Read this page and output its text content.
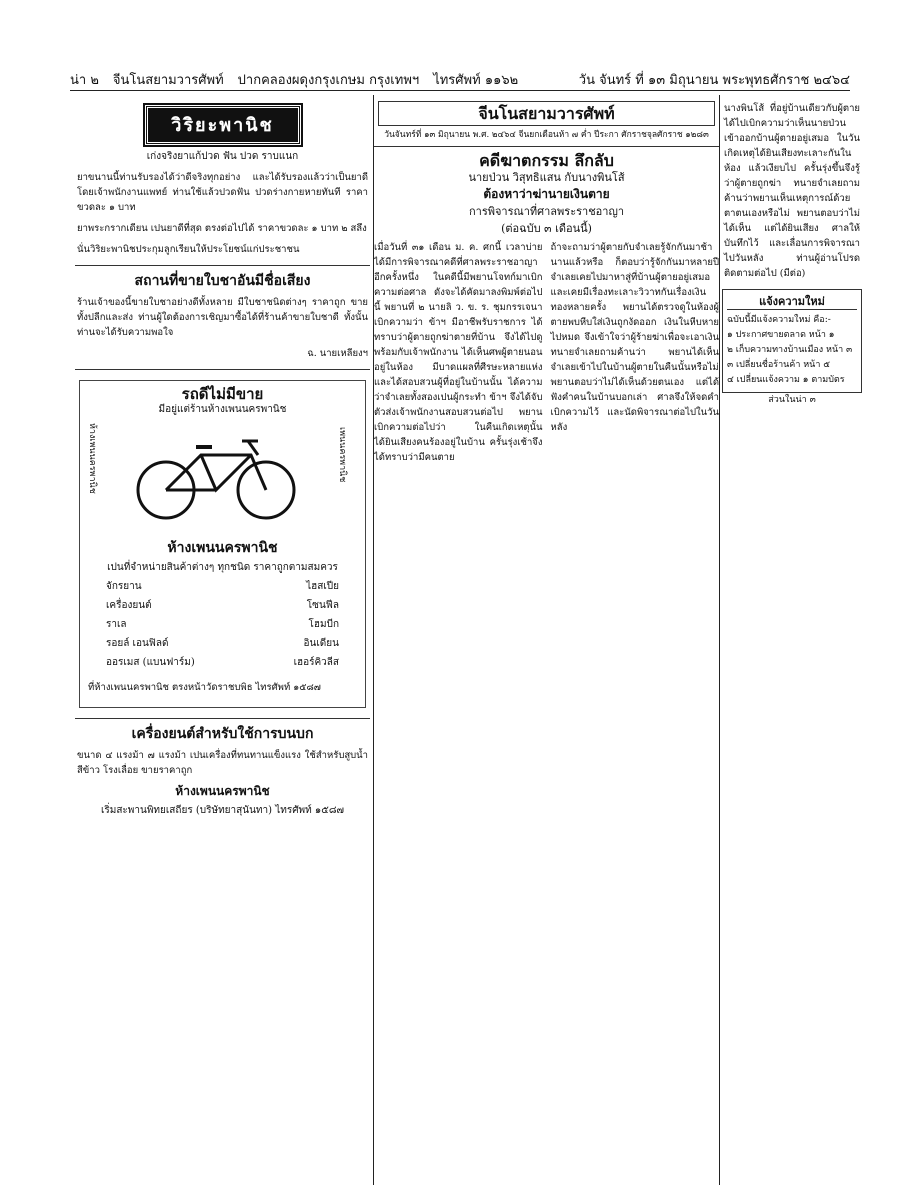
น่า ๒ จีนโนสยามวารศัพท์ ปากคลองผดุงกรุงเกษม กรุงเทพฯ ไทรศัพท์ ๑๑๖๒	วัน จันทร์ ที่ ๑๓ มิถุนายน พระพุทธศักราช ๒๔๖๔
วิริยะพานิช
เก่งจริงยาแก้ปวด ฟัน ปวด ราบแนก
ยาขนานนี้ท่านรับรองได้ว่าดีจริงทุกอย่าง และได้รับรองแล้วว่าเป็นยาดี โดยเจ้าพนักงานแพทย์ ท่านใช้แล้วปวดฟัน ปวดร่างกายหายทันที ราคาขวดละ ๑ บาท
ยาพระกรากเดียน เปนยาดีที่สุด ตรงต่อไปได้ ราคาขวดละ ๑ บาท ๒ สลึง
นั่นวิริยะพานิชประกุมลูกเรียนให้ประโยชน์แก่ประชาชน
สถานที่ขายใบชาอันมีชื่อเสียง
ร้านเจ้าของนี้ขายใบชาอย่างดีทั้งหลาย มีใบชาชนิดต่างๆ ราคาถูก ขายทั้งปลีกและส่ง ท่านผู้ใดต้องการเชิญมาซื้อได้ที่ร้านค้าขายใบชาดี ทั้งนั้นท่านจะได้รับความพอใจ
ฉ. นายเหลียงฯ
รถดีไม่มีขาย
มีอยู่แต่ร้านห้างเพนนครพานิช
ห้างเพนนครพานิช	เพนนครพานิช
ห้างเพนนครพานิช
เปนที่จำหน่ายสินค้าต่างๆ ทุกชนิด ราคาถูกตามสมควร
จักรยาน	ไฮสเปีย
เครื่องยนต์	โซนฟีล
ราเล	โฮมบีก
รอยล์ เอนฟิลด์	อินเดียน
ออรเมส (แบนฟาร์ม)	เฮอร์คิวลีส
ที่ห้างเพนนครพานิช ตรงหน้าวัดราชบพิธ ไทรศัพท์ ๑๕๘๗
เครื่องยนต์สำหรับใช้การบนบก
ขนาด ๔ แรงม้า ๗ แรงม้า เปนเครื่องที่ทนทานแข็งแรง ใช้สำหรับสูบน้ำ สีข้าว โรงเลื่อย ขายราคาถูก
ห้างเพนนครพานิช
เริ่มสะพานพิทยเสถียร (บริษัทยาสุนันทา) ไทรศัพท์ ๑๕๘๗
จีนโนสยามวารศัพท์
วันจันทร์ที่ ๑๓ มิถุนายน พ.ศ. ๒๔๖๔ จีนยกเดือนห้า ๗ ค่ำ ปีระกา ศักราชจุลศักราช ๑๒๘๓
คดีฆาตกรรม ลึกลับ
นายป่วน วิสุทธิแสน กับนางพินโส้
ต้องหาว่าฆ่านายเงินตาย
การพิจารณาที่ศาลพระราชอาญา
(ต่อฉบับ ๓ เดือนนี้)
เมื่อวันที่ ๓๑ เดือน ม. ค. ศกนี้ เวลาบ่าย ได้มีการพิจารณาคดีที่ศาลพระราชอาญาอีกครั้งหนึ่ง ในคดีนี้มีพยานโจทก์มาเบิกความต่อศาล ดังจะได้คัดมาลงพิมพ์ต่อไปนี้ พยานที่ ๒ นายลิ ว. ข. ร. ชุมกรรเจนา เบิกความว่า ข้าฯ มีอาชีพรับราชการ ได้ทราบว่าผู้ตายถูกฆ่าตายที่บ้าน จึงได้ไปดูพร้อมกับเจ้าพนักงาน ได้เห็นศพผู้ตายนอนอยู่ในห้อง มีบาดแผลที่ศีรษะหลายแห่ง และได้สอบสวนผู้ที่อยู่ในบ้านนั้น ได้ความว่าจำเลยทั้งสองเปนผู้กระทำ ข้าฯ จึงได้จับตัวส่งเจ้าพนักงานสอบสวนต่อไป พยานเบิกความต่อไปว่า ในคืนเกิดเหตุนั้น ได้ยินเสียงคนร้องอยู่ในบ้าน ครั้นรุ่งเช้าจึงได้ทราบว่ามีคนตาย
ถ้าจะถามว่าผู้ตายกับจำเลยรู้จักกันมาช้านานแล้วหรือ ก็ตอบว่ารู้จักกันมาหลายปี จำเลยเคยไปมาหาสู่ที่บ้านผู้ตายอยู่เสมอ และเคยมีเรื่องทะเลาะวิวาทกันเรื่องเงินทองหลายครั้ง พยานได้ตรวจดูในห้องผู้ตายพบหีบใส่เงินถูกงัดออก เงินในหีบหายไปหมด จึงเข้าใจว่าผู้ร้ายฆ่าเพื่อจะเอาเงิน ทนายจำเลยถามค้านว่า พยานได้เห็นจำเลยเข้าไปในบ้านผู้ตายในคืนนั้นหรือไม่ พยานตอบว่าไม่ได้เห็นด้วยตนเอง แต่ได้ฟังคำคนในบ้านบอกเล่า ศาลจึงให้จดคำเบิกความไว้ และนัดพิจารณาต่อไปในวันหลัง
นางพินโส้ ที่อยู่บ้านเดียวกับผู้ตาย ได้ไปเบิกความว่าเห็นนายป่วนเข้าออกบ้านผู้ตายอยู่เสมอ ในวันเกิดเหตุได้ยินเสียงทะเลาะกันในห้อง แล้วเงียบไป ครั้นรุ่งขึ้นจึงรู้ว่าผู้ตายถูกฆ่า ทนายจำเลยถามค้านว่าพยานเห็นเหตุการณ์ด้วยตาตนเองหรือไม่ พยานตอบว่าไม่ได้เห็น แต่ได้ยินเสียง ศาลให้บันทึกไว้ และเลื่อนการพิจารณาไปวันหลัง ท่านผู้อ่านโปรดติดตามต่อไป (มีต่อ)
แจ้งความใหม่
ฉบับนี้มีแจ้งความใหม่ คือ:-
๑ ประกาศขายตลาด หน้า ๑
๒ เก็บความทางบ้านเมือง หน้า ๓
๓ เปลี่ยนชื่อร้านค้า หน้า ๕
๔ เปลี่ยนแจ้งความ ๑ ตามบัตร
ส่วนในน่า ๓
